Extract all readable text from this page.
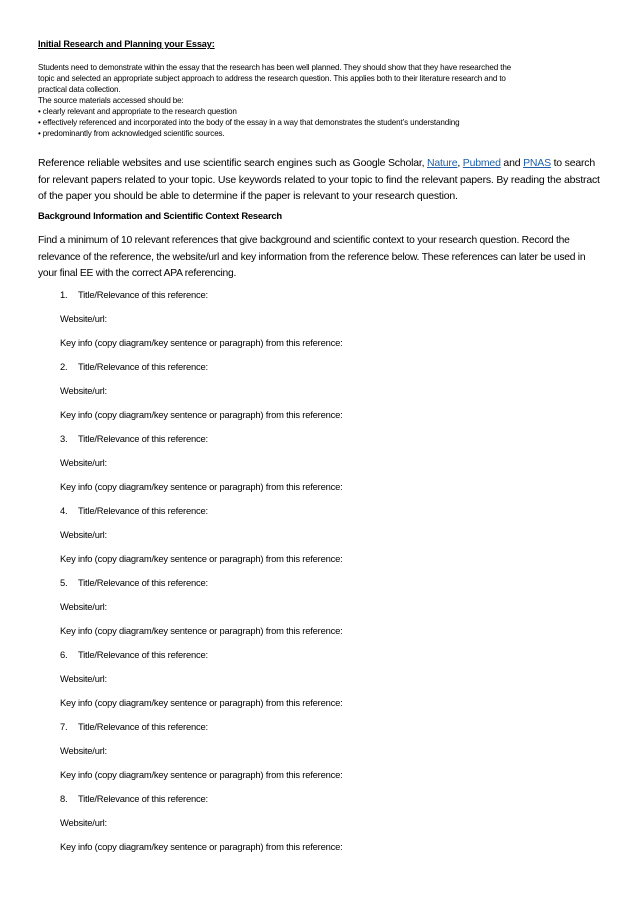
Initial Research and Planning your Essay:
Students need to demonstrate within the essay that the research has been well planned. They should show that they have researched the
topic and selected an appropriate subject approach to address the research question. This applies both to their literature research and to
practical data collection.
The source materials accessed should be:
• clearly relevant and appropriate to the research question
• effectively referenced and incorporated into the body of the essay in a way that demonstrates the student’s understanding
• predominantly from acknowledged scientific sources.

Reference reliable websites and use scientific search engines such as Google Scholar, Nature, Pubmed and PNAS to search for relevant papers related to your topic. Use keywords related to your topic to find the relevant papers. By reading the abstract of the paper you should be able to determine if the paper is relevant to your research question.

Background Information and Scientific Context Research

Find a minimum of 10 relevant references that give background and scientific context to your research question. Record the relevance of the reference, the website/url and key information from the reference below. These references can later be used in your final EE with the correct APA referencing.

1. Title/Relevance of this reference:
Website/url:
Key info (copy diagram/key sentence or paragraph) from this reference:
2. Title/Relevance of this reference:
Website/url:
Key info (copy diagram/key sentence or paragraph) from this reference:
3. Title/Relevance of this reference:
Website/url:
Key info (copy diagram/key sentence or paragraph) from this reference:
4. Title/Relevance of this reference:
Website/url:
Key info (copy diagram/key sentence or paragraph) from this reference:
5. Title/Relevance of this reference:
Website/url:
Key info (copy diagram/key sentence or paragraph) from this reference:
6. Title/Relevance of this reference:
Website/url:
Key info (copy diagram/key sentence or paragraph) from this reference:
7. Title/Relevance of this reference:
Website/url:
Key info (copy diagram/key sentence or paragraph) from this reference:
8. Title/Relevance of this reference:
Website/url:
Key info (copy diagram/key sentence or paragraph) from this reference:
